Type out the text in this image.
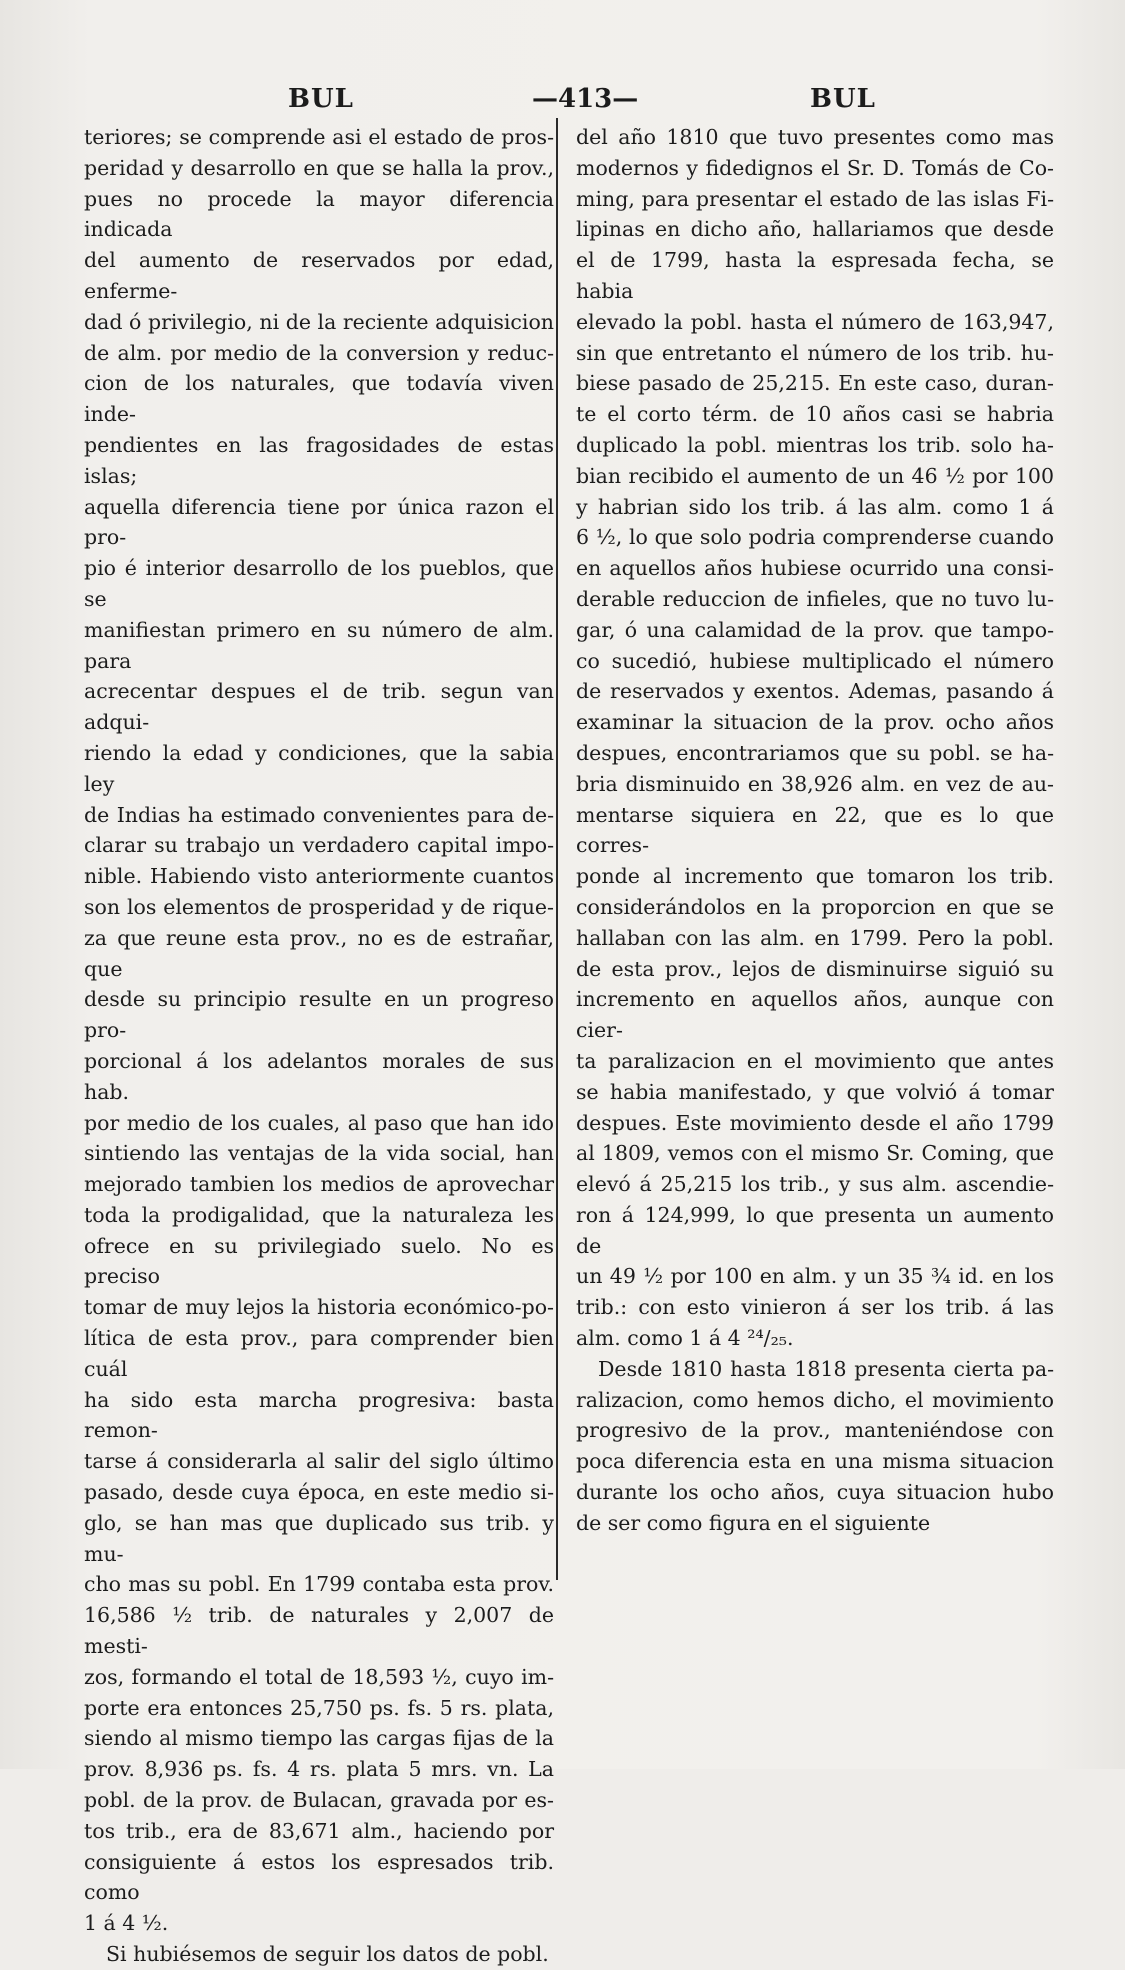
BUL	—413—	BUL
teriores; se comprende asi el estado de pros-
peridad y desarrollo en que se halla la prov.,
pues no procede la mayor diferencia indicada
del aumento de reservados por edad, enferme-
dad ó privilegio, ni de la reciente adquisicion
de alm. por medio de la conversion y reduc-
cion de los naturales, que todavía viven inde-
pendientes en las fragosidades de estas islas;
aquella diferencia tiene por única razon el pro-
pio é interior desarrollo de los pueblos, que se
manifiestan primero en su número de alm. para
acrecentar despues el de trib. segun van adqui-
riendo la edad y condiciones, que la sabia ley
de Indias ha estimado convenientes para de-
clarar su trabajo un verdadero capital impo-
nible. Habiendo visto anteriormente cuantos
son los elementos de prosperidad y de rique-
za que reune esta prov., no es de estrañar, que
desde su principio resulte en un progreso pro-
porcional á los adelantos morales de sus hab.
por medio de los cuales, al paso que han ido
sintiendo las ventajas de la vida social, han
mejorado tambien los medios de aprovechar
toda la prodigalidad, que la naturaleza les
ofrece en su privilegiado suelo. No es preciso
tomar de muy lejos la historia económico-po-
lítica de esta prov., para comprender bien cuál
ha sido esta marcha progresiva: basta remon-
tarse á considerarla al salir del siglo último
pasado, desde cuya época, en este medio si-
glo, se han mas que duplicado sus trib. y mu-
cho mas su pobl. En 1799 contaba esta prov.
16,586 ½ trib. de naturales y 2,007 de mesti-
zos, formando el total de 18,593 ½, cuyo im-
porte era entonces 25,750 ps. fs. 5 rs. plata,
siendo al mismo tiempo las cargas fijas de la
prov. 8,936 ps. fs. 4 rs. plata 5 mrs. vn. La
pobl. de la prov. de Bulacan, gravada por es-
tos trib., era de 83,671 alm., haciendo por
consiguiente á estos los espresados trib. como
1 á 4 ½.
Si hubiésemos de seguir los datos de pobl.
del año 1810 que tuvo presentes como mas
modernos y fidedignos el Sr. D. Tomás de Co-
ming, para presentar el estado de las islas Fi-
lipinas en dicho año, hallariamos que desde
el de 1799, hasta la espresada fecha, se habia
elevado la pobl. hasta el número de 163,947,
sin que entretanto el número de los trib. hu-
biese pasado de 25,215. En este caso, duran-
te el corto térm. de 10 años casi se habria
duplicado la pobl. mientras los trib. solo ha-
bian recibido el aumento de un 46 ½ por 100
y habrian sido los trib. á las alm. como 1 á
6 ½, lo que solo podria comprenderse cuando
en aquellos años hubiese ocurrido una consi-
derable reduccion de infieles, que no tuvo lu-
gar, ó una calamidad de la prov. que tampo-
co sucedió, hubiese multiplicado el número
de reservados y exentos. Ademas, pasando á
examinar la situacion de la prov. ocho años
despues, encontrariamos que su pobl. se ha-
bria disminuido en 38,926 alm. en vez de au-
mentarse siquiera en 22, que es lo que corres-
ponde al incremento que tomaron los trib.
considerándolos en la proporcion en que se
hallaban con las alm. en 1799. Pero la pobl.
de esta prov., lejos de disminuirse siguió su
incremento en aquellos años, aunque con cier-
ta paralizacion en el movimiento que antes
se habia manifestado, y que volvió á tomar
despues. Este movimiento desde el año 1799
al 1809, vemos con el mismo Sr. Coming, que
elevó á 25,215 los trib., y sus alm. ascendie-
ron á 124,999, lo que presenta un aumento de
un 49 ½ por 100 en alm. y un 35 ¾ id. en los
trib.: con esto vinieron á ser los trib. á las
alm. como 1 á 4 ²⁴/₂₅.
Desde 1810 hasta 1818 presenta cierta pa-
ralizacion, como hemos dicho, el movimiento
progresivo de la prov., manteniéndose con
poca diferencia esta en una misma situacion
durante los ocho años, cuya situacion hubo
de ser como figura en el siguiente
